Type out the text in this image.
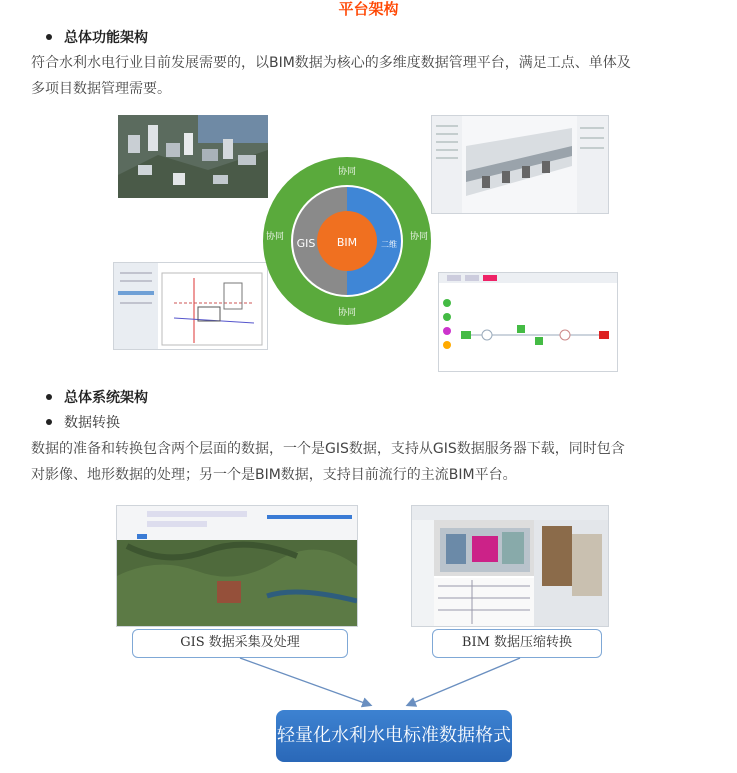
平台架构
总体功能架构
符合水利水电行业目前发展需要的，以BIM数据为核心的多维度数据管理平台，满足工点、单体及
多项目数据管理需要。
BIM
GIS	二维
协同
协同	协同
协同
总体系统架构
数据转换
数据的准备和转换包含两个层面的数据，一个是GIS数据，支持从GIS数据服务器下载，同时包含
对影像、地形数据的处理；另一个是BIM数据，支持目前流行的主流BIM平台。
GIS 数据采集及处理	BIM 数据压缩转换
轻量化水利水电标准数据格式
